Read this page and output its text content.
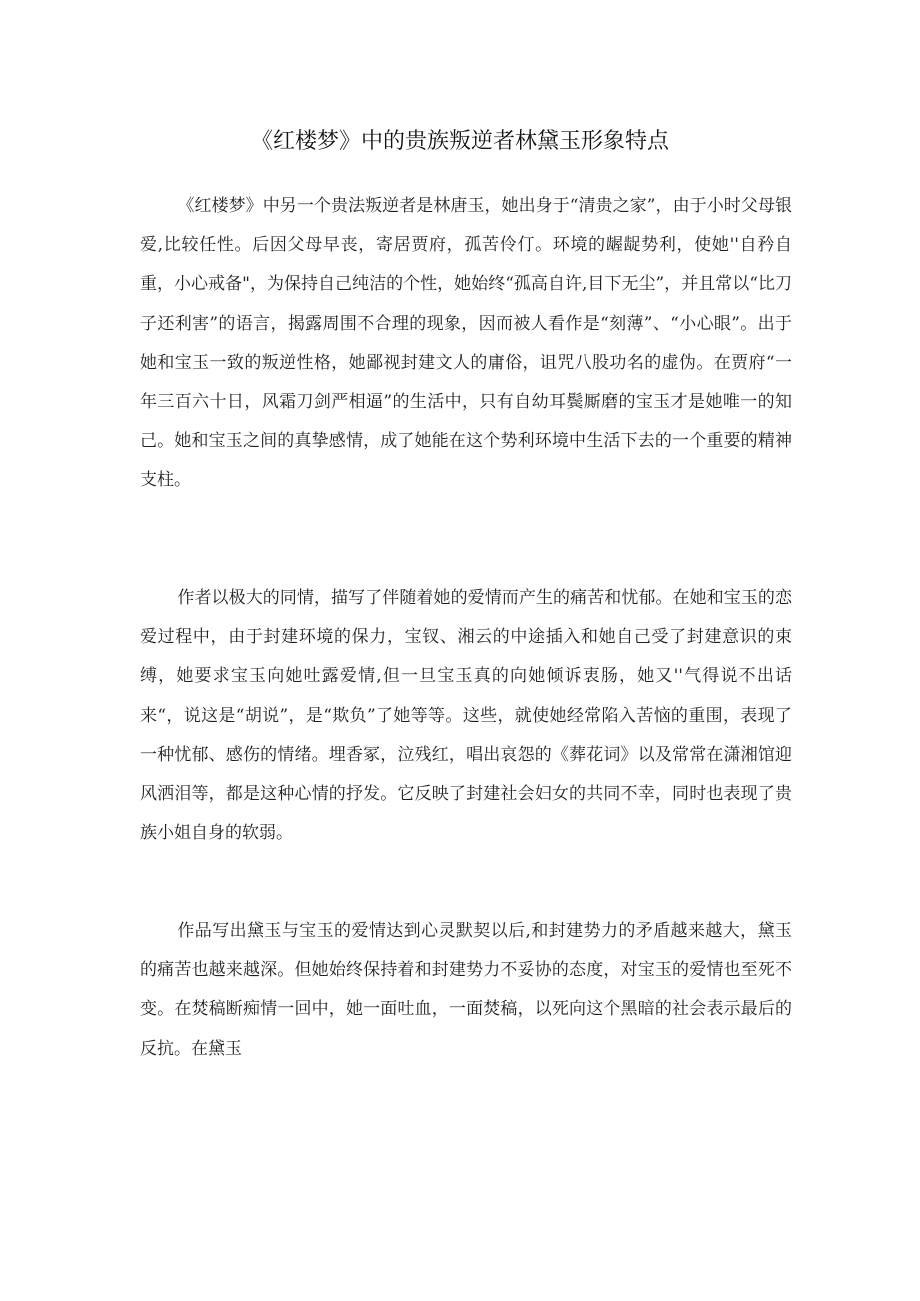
《红楼梦》中的贵族叛逆者林黛玉形象特点

《红楼梦》中另一个贵法叛逆者是林唐玉，她出身于“清贵之家”，由于小时父母银爱,比较任性。后因父母早丧，寄居贾府，孤苦伶仃。环境的龌龊势利，使她''自矜自重，小心戒备"，为保持自己纯洁的个性，她始终“孤高自许,目下无尘”，并且常以“比刀子还利害”的语言，揭露周围不合理的现象，因而被人看作是“刻薄”、“小心眼”。出于她和宝玉一致的叛逆性格，她鄙视封建文人的庸俗，诅咒八股功名的虚伪。在贾府“一年三百六十日，风霜刀剑严相逼”的生活中，只有自幼耳鬓厮磨的宝玉才是她唯一的知己。她和宝玉之间的真挚感情，成了她能在这个势利环境中生活下去的一个重要的精神支柱。

作者以极大的同情，描写了伴随着她的爱情而产生的痛苦和忧郁。在她和宝玉的恋爱过程中，由于封建环境的保力，宝钗、湘云的中途插入和她自己受了封建意识的束缚，她要求宝玉向她吐露爱情,但一旦宝玉真的向她倾诉衷肠，她又''气得说不出话来“，说这是“胡说”，是“欺负”了她等等。这些，就使她经常陷入苦恼的重围，表现了一种忧郁、感伤的情绪。埋香冢，泣残红，唱出哀怨的《葬花词》以及常常在潇湘馆迎风洒泪等，都是这种心情的抒发。它反映了封建社会妇女的共同不幸，同时也表现了贵族小姐自身的软弱。

作品写出黛玉与宝玉的爱情达到心灵默契以后,和封建势力的矛盾越来越大，黛玉的痛苦也越来越深。但她始终保持着和封建势力不妥协的态度，对宝玉的爱情也至死不变。在焚稿断痴情一回中，她一面吐血，一面焚稿，以死向这个黑暗的社会表示最后的反抗。在黛玉
